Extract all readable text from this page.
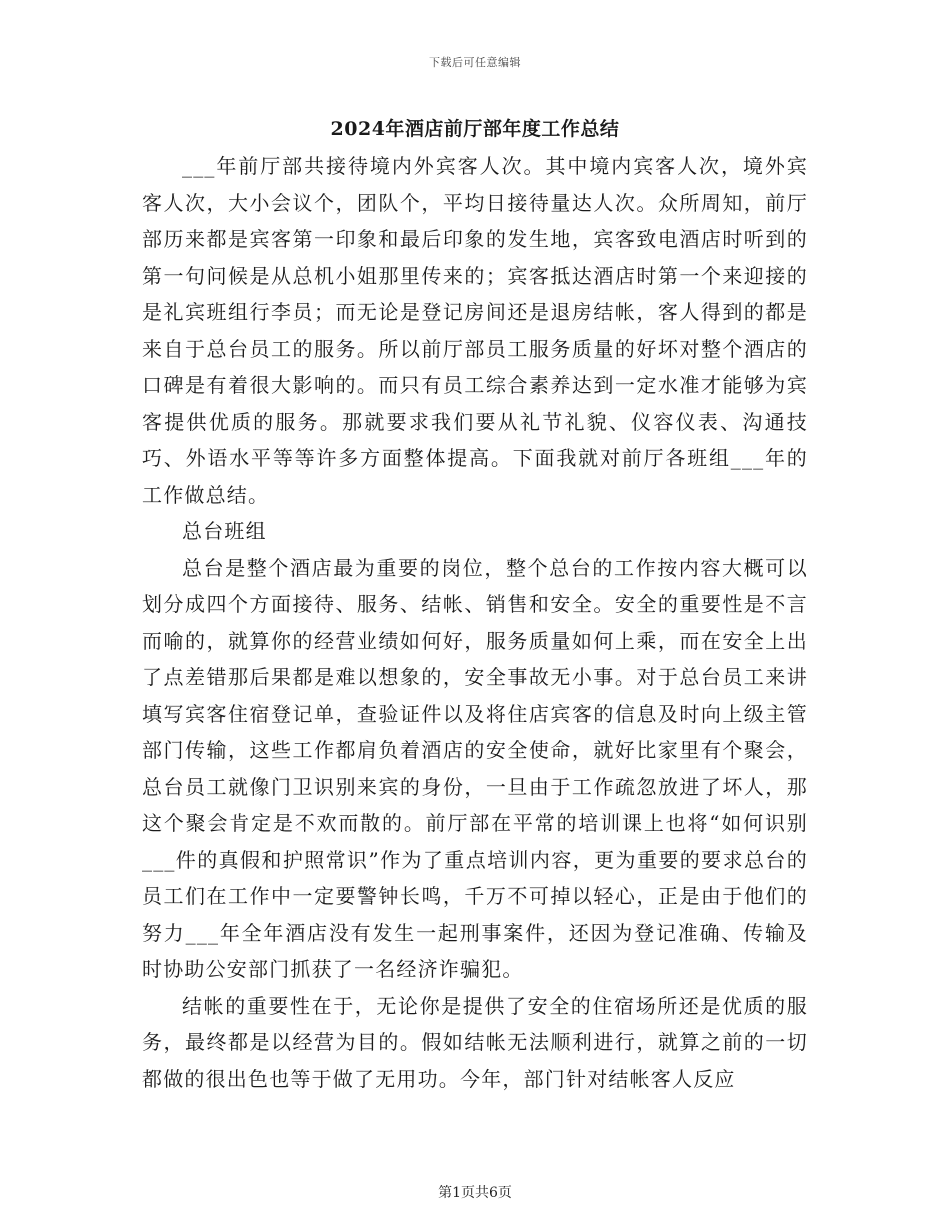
下载后可任意编辑
2024年酒店前厅部年度工作总结

___年前厅部共接待境内外宾客人次。其中境内宾客人次，境外宾客人次，大小会议个，团队个，平均日接待量达人次。众所周知，前厅部历来都是宾客第一印象和最后印象的发生地，宾客致电酒店时听到的第一句问候是从总机小姐那里传来的；宾客抵达酒店时第一个来迎接的是礼宾班组行李员；而无论是登记房间还是退房结帐，客人得到的都是来自于总台员工的服务。所以前厅部员工服务质量的好坏对整个酒店的口碑是有着很大影响的。而只有员工综合素养达到一定水准才能够为宾客提供优质的服务。那就要求我们要从礼节礼貌、仪容仪表、沟通技巧、外语水平等等许多方面整体提高。下面我就对前厅各班组___年的工作做总结。

总台班组

总台是整个酒店最为重要的岗位，整个总台的工作按内容大概可以划分成四个方面接待、服务、结帐、销售和安全。安全的重要性是不言而喻的，就算你的经营业绩如何好，服务质量如何上乘，而在安全上出了点差错那后果都是难以想象的，安全事故无小事。对于总台员工来讲填写宾客住宿登记单，查验证件以及将住店宾客的信息及时向上级主管部门传输，这些工作都肩负着酒店的安全使命，就好比家里有个聚会，总台员工就像门卫识别来宾的身份，一旦由于工作疏忽放进了坏人，那这个聚会肯定是不欢而散的。前厅部在平常的培训课上也将“如何识别___件的真假和护照常识”作为了重点培训内容，更为重要的要求总台的员工们在工作中一定要警钟长鸣，千万不可掉以轻心，正是由于他们的努力___年全年酒店没有发生一起刑事案件，还因为登记准确、传输及时协助公安部门抓获了一名经济诈骗犯。

结帐的重要性在于，无论你是提供了安全的住宿场所还是优质的服务，最终都是以经营为目的。假如结帐无法顺利进行，就算之前的一切都做的很出色也等于做了无用功。今年，部门针对结帐客人反应

第1页共6页
